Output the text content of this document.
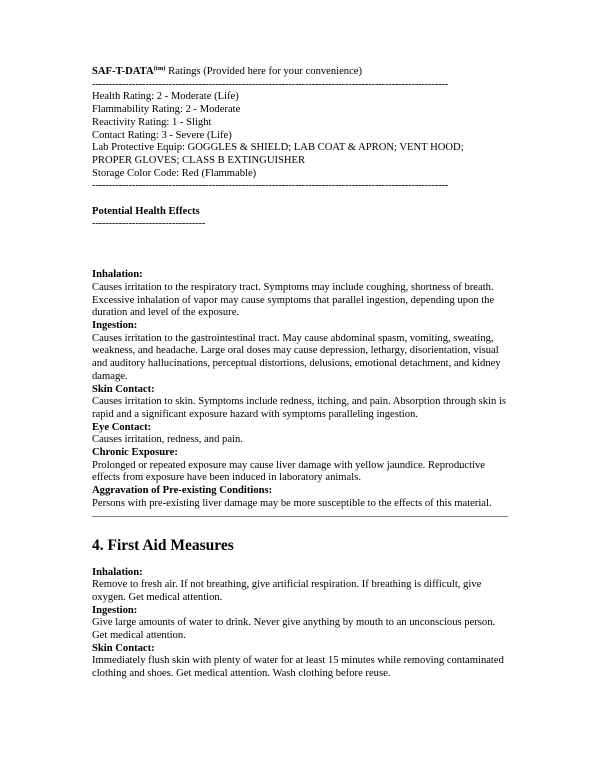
SAF-$T-DATA^{(tm)}$ Ratings (Provided here for your convenience)
-----------------------------------------------------------------------------------------------------------
Health Rating: 2 - Moderate (Life)
Flammability Rating: 2 - Moderate
Reactivity Rating: 1 - Slight
Contact Rating: 3 - Severe (Life)
Lab Protective Equip: GOGGLES & SHIELD; LAB COAT & APRON; VENT HOOD;
PROPER GLOVES; CLASS B EXTINGUISHER
Storage Color Code: Red (Flammable)
-----------------------------------------------------------------------------------------------------------
Potential Health Effects
----------------------------------
Inhalation:
Causes irritation to the respiratory tract. Symptoms may include coughing, shortness of breath. Excessive inhalation of vapor may cause symptoms that parallel ingestion, depending upon the duration and level of the exposure.
Ingestion:
Causes irritation to the gastrointestinal tract. May cause abdominal spasm, vomiting, sweating, weakness, and headache. Large oral doses may cause depression, lethargy, disorientation, visual and auditory hallucinations, perceptual distortions, delusions, emotional detachment, and kidney damage.
Skin Contact:
Causes irritation to skin. Symptoms include redness, itching, and pain. Absorption through skin is rapid and a significant exposure hazard with symptoms paralleling ingestion.
Eye Contact:
Causes irritation, redness, and pain.
Chronic Exposure:
Prolonged or repeated exposure may cause liver damage with yellow jaundice. Reproductive effects from exposure have been induced in laboratory animals.
Aggravation of Pre-existing Conditions:
Persons with pre-existing liver damage may be more susceptible to the effects of this material.
4. First Aid Measures
Inhalation:
Remove to fresh air. If not breathing, give artificial respiration. If breathing is difficult, give oxygen. Get medical attention.
Ingestion:
Give large amounts of water to drink. Never give anything by mouth to an unconscious person. Get medical attention.
Skin Contact:
Immediately flush skin with plenty of water for at least 15 minutes while removing contaminated clothing and shoes. Get medical attention. Wash clothing before reuse.
